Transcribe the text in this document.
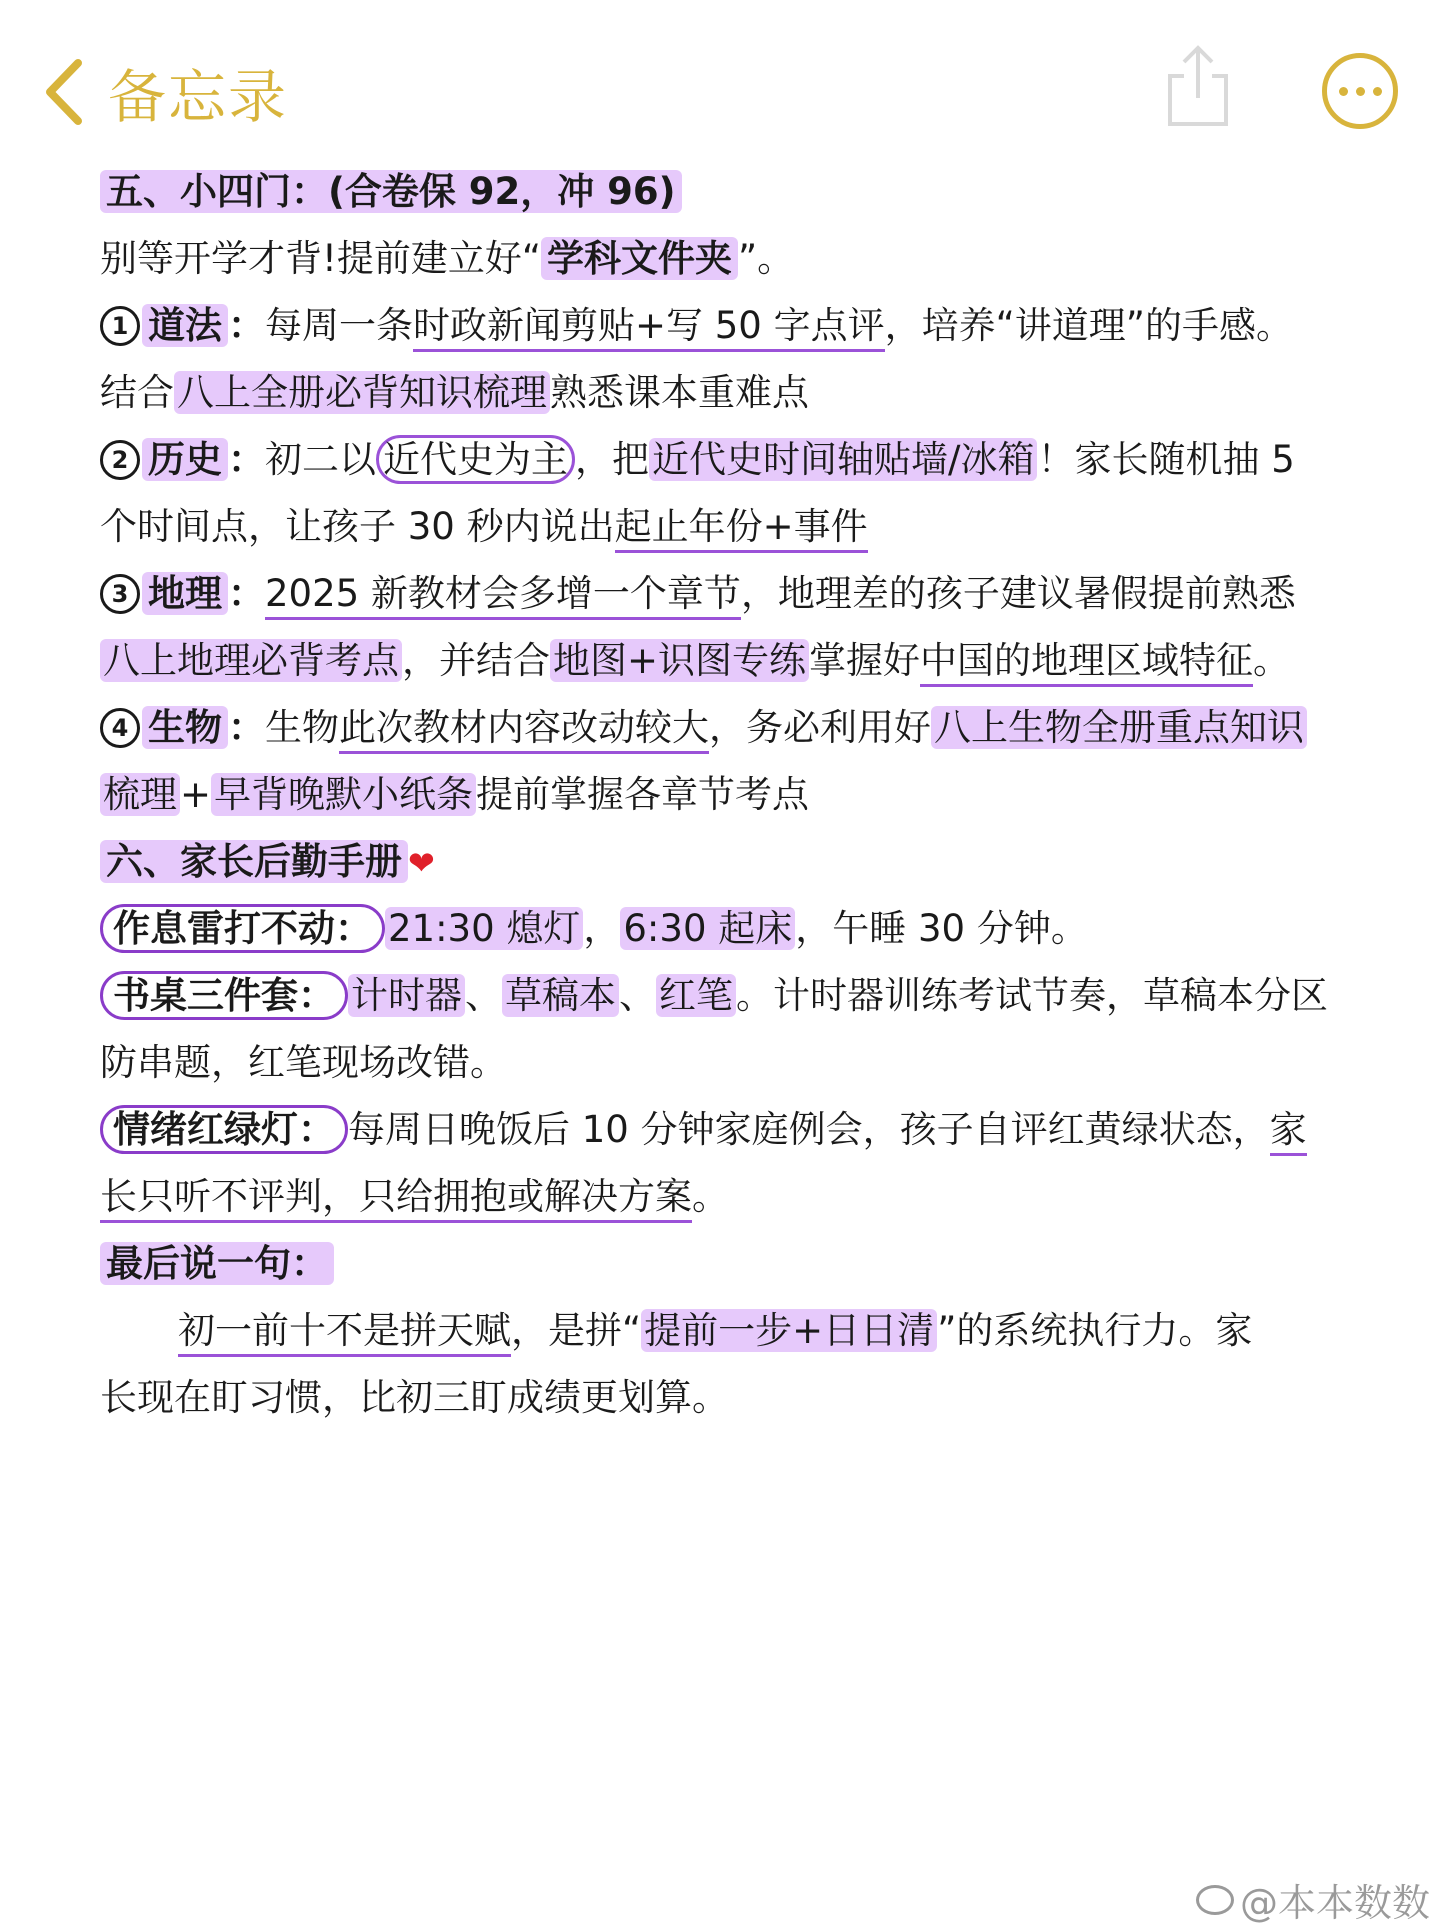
备忘录
五、小四门：(合卷保 92，冲 96)
别等开学才背!提前建立好“ 学科文件夹 ”。
1 道法 ：每周一条时政新闻剪贴+写 50 字点评，培养“讲道理”的手感。
结合八上全册必背知识梳理熟悉课本重难点
2 历史 ：初二以 近代史为主 ，把近代史时间轴贴墙/冰箱！家长随机抽 5
个时间点，让孩子 30 秒内说出起止年份+事件
3 地理 ：2025 新教材会多增一个章节，地理差的孩子建议暑假提前熟悉
八上地理必背考点，并结合地图+识图专练掌握好中国的地理区域特征。
4 生物 ：生物此次教材内容改动较大，务必利用好八上生物全册重点知识
梳理+早背晚默小纸条提前掌握各章节考点
六、家长后勤手册 ❤
作息雷打不动： 21:30 熄灯，6:30 起床，午睡 30 分钟。
书桌三件套： 计时器、草稿本、红笔。计时器训练考试节奏，草稿本分区
防串题，红笔现场改错。
情绪红绿灯： 每周日晚饭后 10 分钟家庭例会，孩子自评红黄绿状态，家
长只听不评判，只给拥抱或解决方案。
最后说一句：
初一前十不是拼天赋，是拼“提前一步+日日清”的系统执行力。家
长现在盯习惯，比初三盯成绩更划算。
@本本数数
